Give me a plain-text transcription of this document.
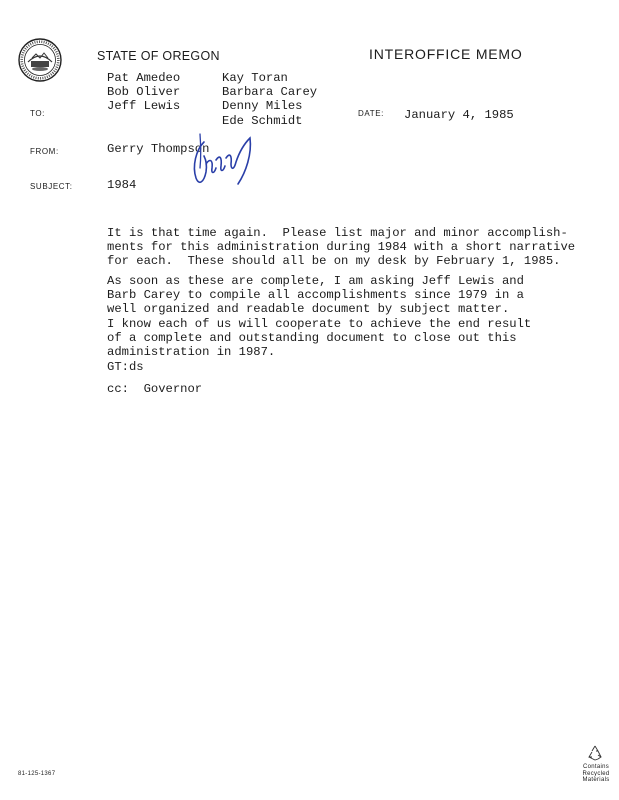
STATE OF OREGON	INTEROFFICE MEMO
TO:
Pat Amedeo
Bob Oliver
Jeff Lewis
Kay Toran
Barbara Carey
Denny Miles
Ede Schmidt
DATE: January 4, 1985
FROM:	Gerry Thompson
SUBJECT:	1984
It is that time again.  Please list major and minor accomplish-
ments for this administration during 1984 with a short narrative
for each.  These should all be on my desk by February 1, 1985.
As soon as these are complete, I am asking Jeff Lewis and
Barb Carey to compile all accomplishments since 1979 in a
well organized and readable document by subject matter.
I know each of us will cooperate to achieve the end result
of a complete and outstanding document to close out this
administration in 1987.
GT:ds
cc:  Governor
81-125-1367
Contains
Recycled
Materials
